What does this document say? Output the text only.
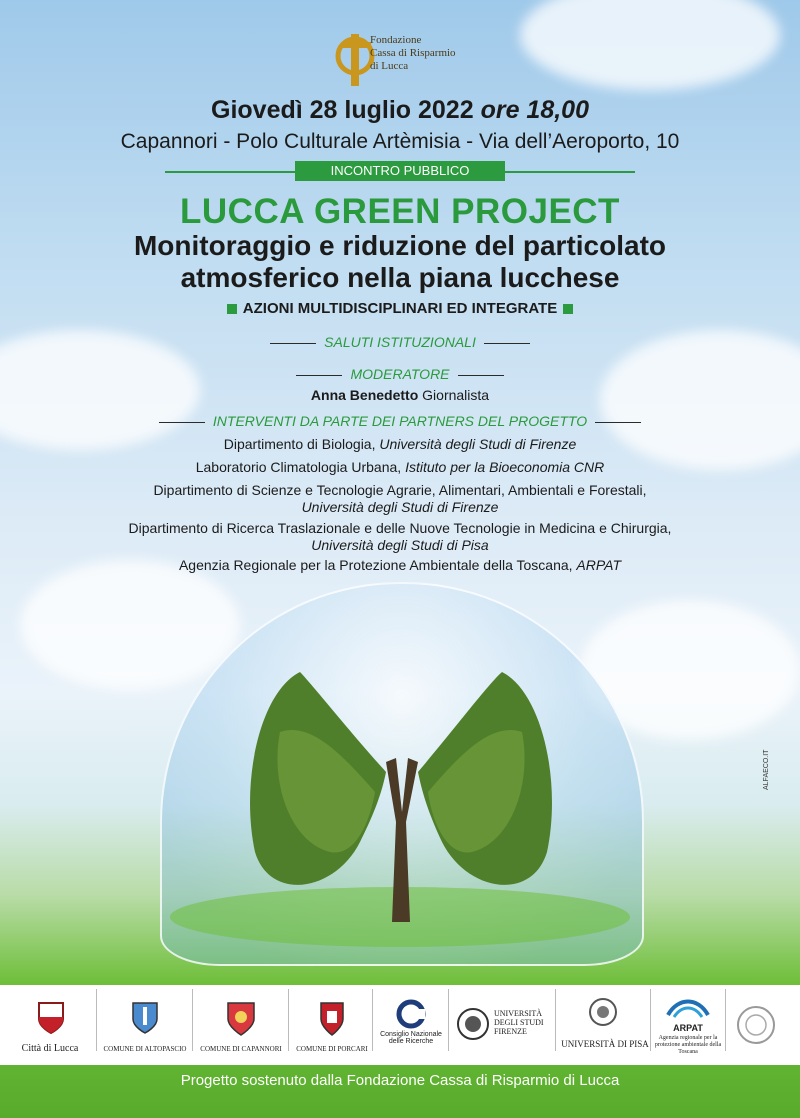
Fondazione
Cassa di Risparmio
di Lucca
Giovedì 28 luglio 2022 ore 18,00
Capannori - Polo Culturale Artèmisia - Via dell’Aeroporto, 10
INCONTRO PUBBLICO
LUCCA GREEN PROJECT
Monitoraggio e riduzione del particolato
atmosferico nella piana lucchese
AZIONI MULTIDISCIPLINARI ED INTEGRATE
SALUTI ISTITUZIONALI
MODERATORE
Anna Benedetto Giornalista
INTERVENTI DA PARTE DEI PARTNERS DEL PROGETTO
Dipartimento di Biologia, Università degli Studi di Firenze
Laboratorio Climatologia Urbana, Istituto per la Bioeconomia CNR
Dipartimento di Scienze e Tecnologie Agrarie, Alimentari, Ambientali e Forestali,
Università degli Studi di Firenze
Dipartimento di Ricerca Traslazionale e delle Nuove Tecnologie in Medicina e Chirurgia,
Università degli Studi di Pisa
Agenzia Regionale per la Protezione Ambientale della Toscana, ARPAT
ALFAECO.IT
Città di Lucca	COMUNE DI ALTOPASCIO	COMUNE DI CAPANNORI	COMUNE DI PORCARI
Consiglio Nazionale delle Ricerche
UNIVERSITÀ DEGLI STUDI FIRENZE
UNIVERSITÀ DI PISA
ARPAT
Agenzia regionale per la protezione ambientale della Toscana
Progetto sostenuto dalla Fondazione Cassa di Risparmio di Lucca
